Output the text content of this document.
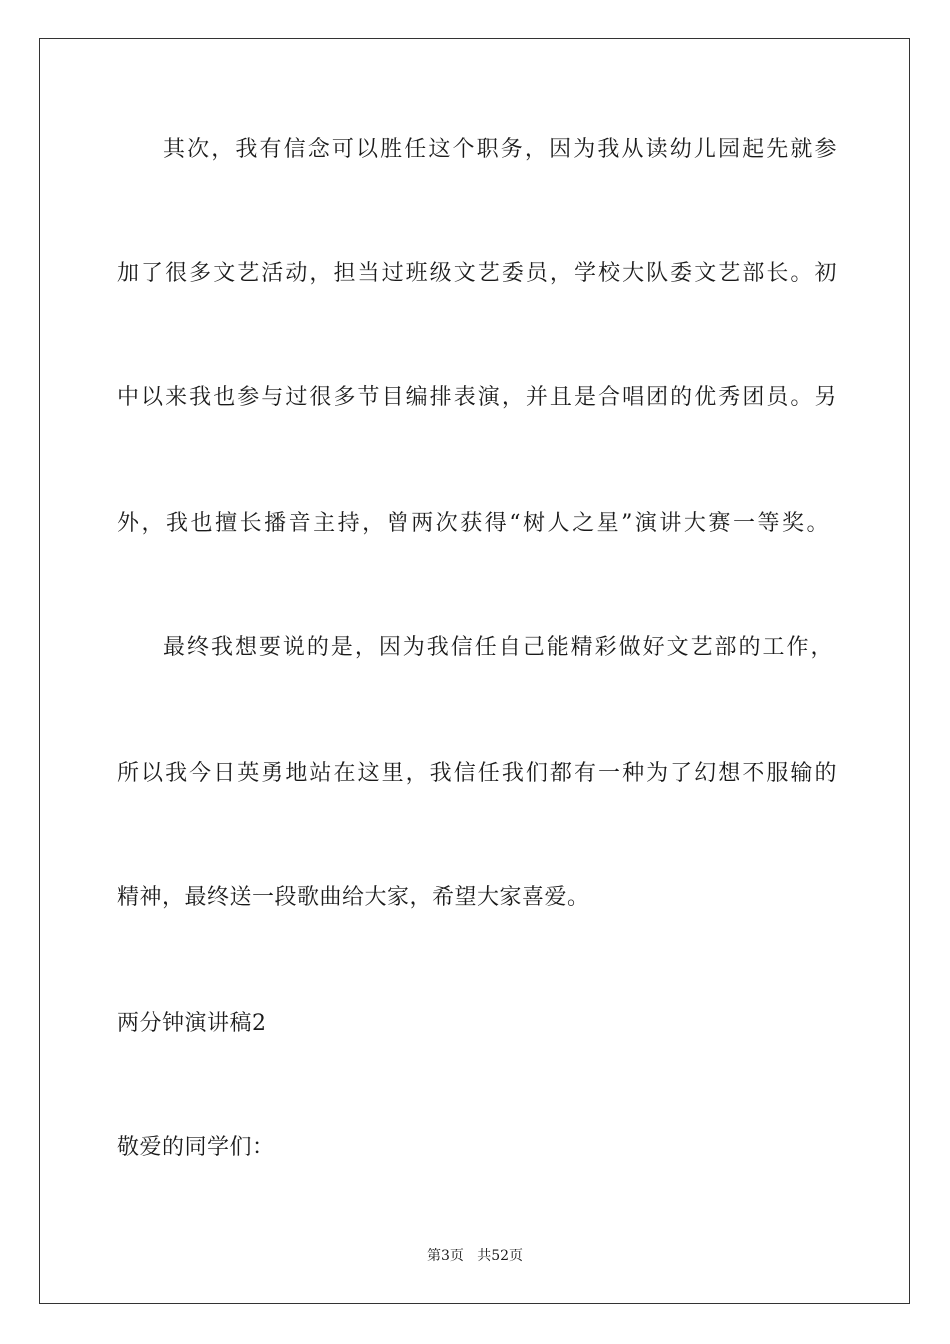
其次，我有信念可以胜任这个职务，因为我从读幼儿园起先就参
加了很多文艺活动，担当过班级文艺委员，学校大队委文艺部长。初
中以来我也参与过很多节目编排表演，并且是合唱团的优秀团员。另
外，我也擅长播音主持，曾两次获得“树人之星”演讲大赛一等奖。
最终我想要说的是，因为我信任自己能精彩做好文艺部的工作，
所以我今日英勇地站在这里，我信任我们都有一种为了幻想不服输的
精神，最终送一段歌曲给大家，希望大家喜爱。
两分钟演讲稿2
敬爱的同学们：
第3页 共52页
